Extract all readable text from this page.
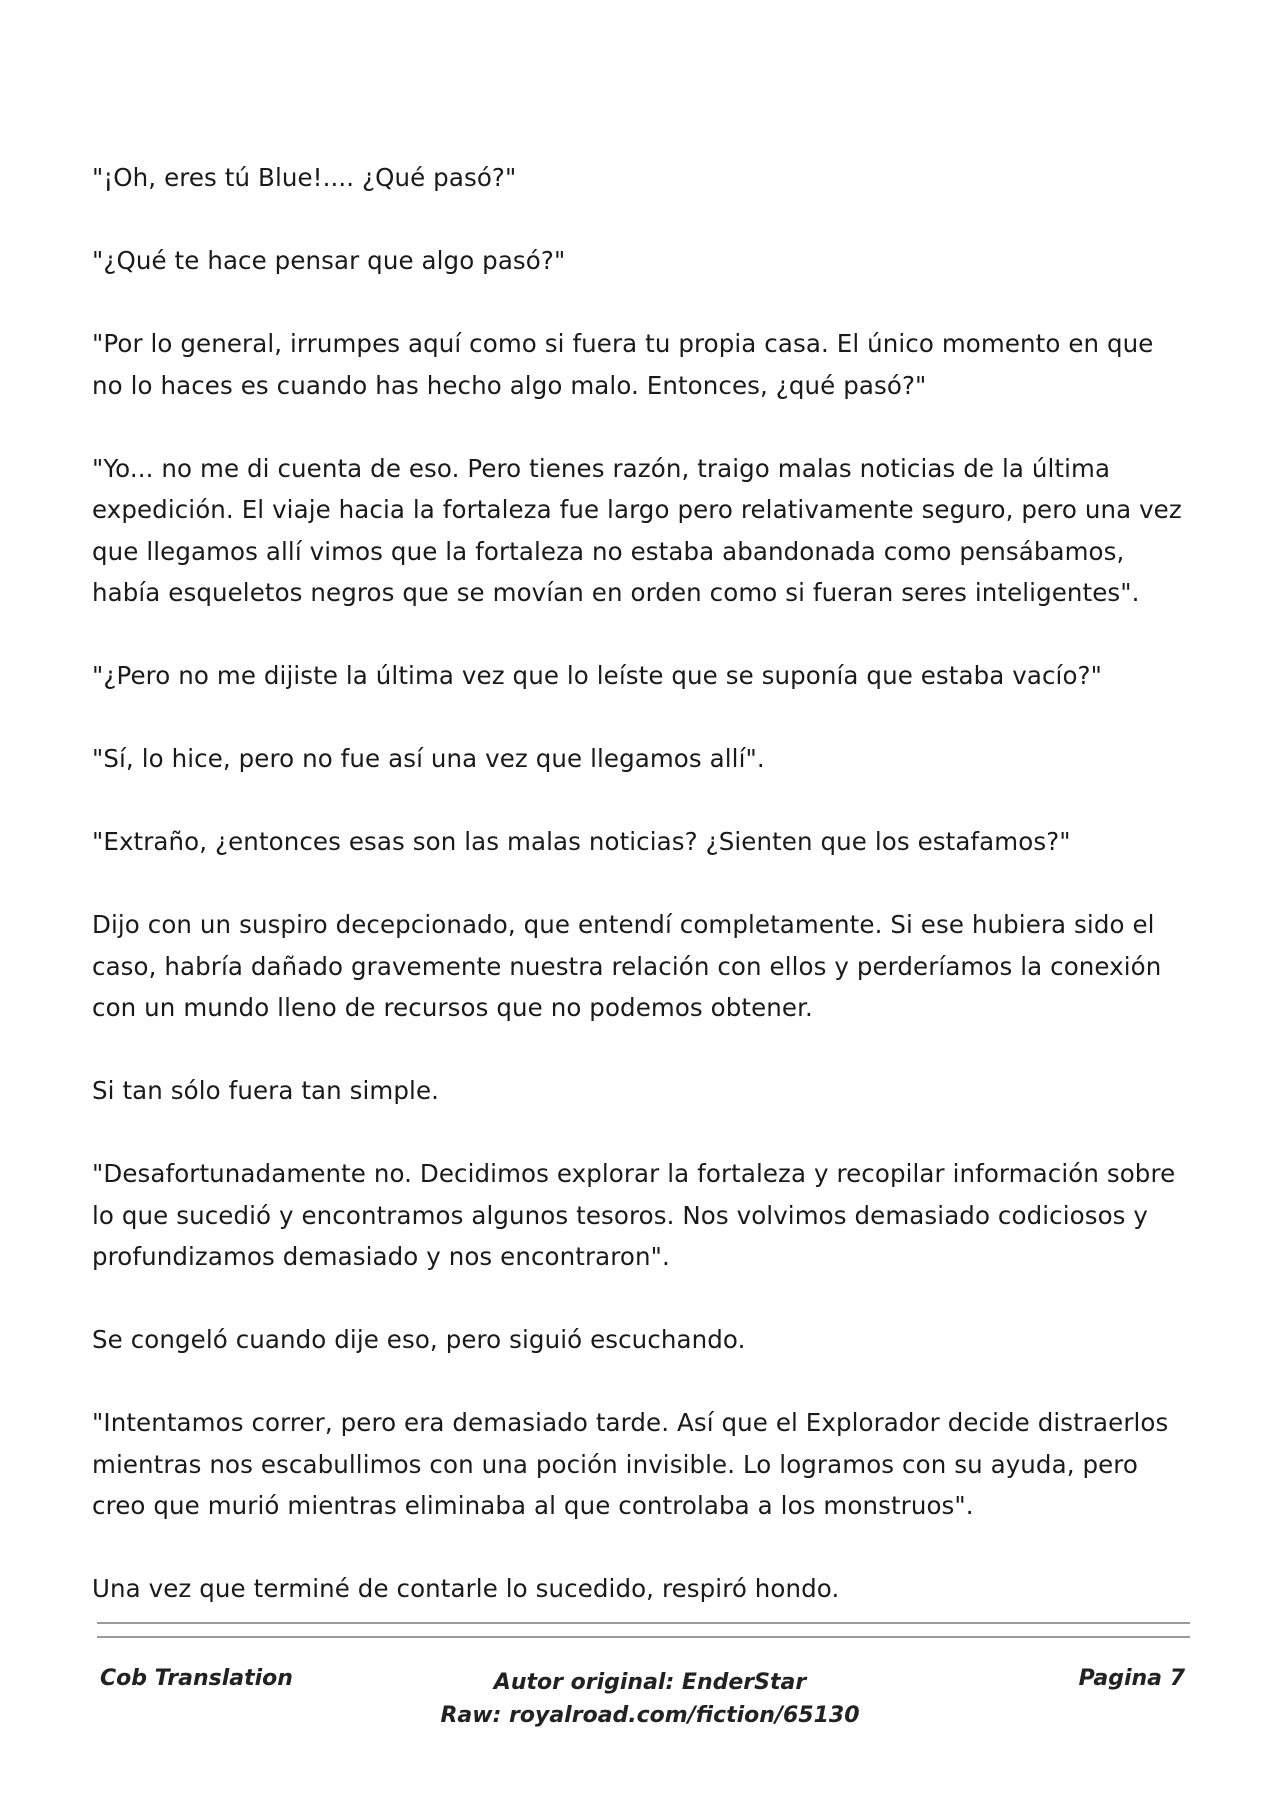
"¡Oh, eres tú Blue!.... ¿Qué pasó?"

"¿Qué te hace pensar que algo pasó?"

"Por lo general, irrumpes aquí como si fuera tu propia casa. El único momento en que no lo haces es cuando has hecho algo malo. Entonces, ¿qué pasó?"

"Yo... no me di cuenta de eso. Pero tienes razón, traigo malas noticias de la última expedición. El viaje hacia la fortaleza fue largo pero relativamente seguro, pero una vez que llegamos allí vimos que la fortaleza no estaba abandonada como pensábamos, había esqueletos negros que se movían en orden como si fueran seres inteligentes".

"¿Pero no me dijiste la última vez que lo leíste que se suponía que estaba vacío?"

"Sí, lo hice, pero no fue así una vez que llegamos allí".

"Extraño, ¿entonces esas son las malas noticias? ¿Sienten que los estafamos?"

Dijo con un suspiro decepcionado, que entendí completamente. Si ese hubiera sido el caso, habría dañado gravemente nuestra relación con ellos y perderíamos la conexión con un mundo lleno de recursos que no podemos obtener.

Si tan sólo fuera tan simple.

"Desafortunadamente no. Decidimos explorar la fortaleza y recopilar información sobre lo que sucedió y encontramos algunos tesoros. Nos volvimos demasiado codiciosos y profundizamos demasiado y nos encontraron".

Se congeló cuando dije eso, pero siguió escuchando.

"Intentamos correr, pero era demasiado tarde. Así que el Explorador decide distraerlos mientras nos escabullimos con una poción invisible. Lo logramos con su ayuda, pero creo que murió mientras eliminaba al que controlaba a los monstruos".

Una vez que terminé de contarle lo sucedido, respiró hondo.

Cob Translation	Autor original: EnderStar
Raw: royalroad.com/fiction/65130
Pagina 7
